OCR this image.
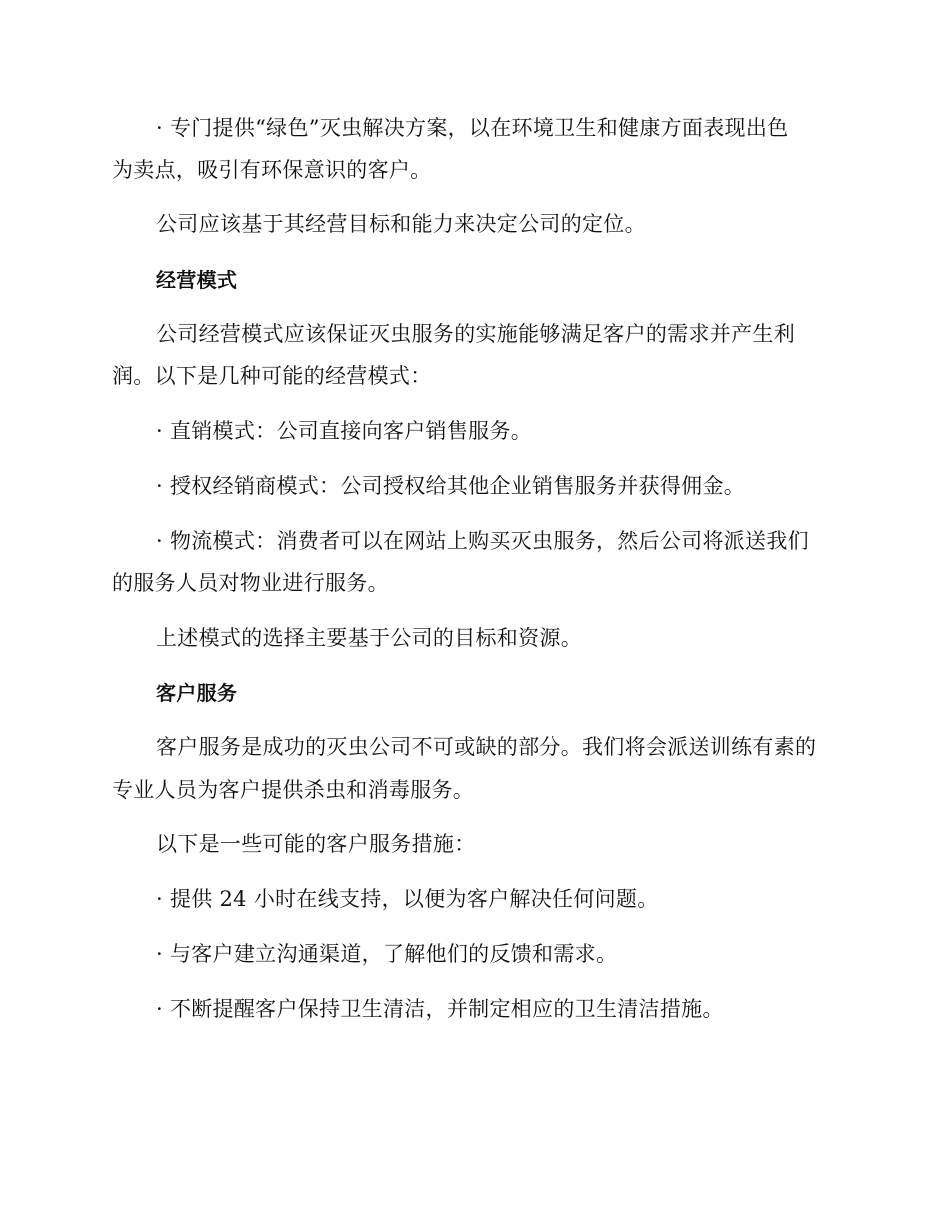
· 专门提供“绿色”灭虫解决方案，以在环境卫生和健康方面表现出色
为卖点，吸引有环保意识的客户。
公司应该基于其经营目标和能力来决定公司的定位。
经营模式
公司经营模式应该保证灭虫服务的实施能够满足客户的需求并产生利
润。以下是几种可能的经营模式：
· 直销模式：公司直接向客户销售服务。
· 授权经销商模式：公司授权给其他企业销售服务并获得佣金。
· 物流模式：消费者可以在网站上购买灭虫服务，然后公司将派送我们
的服务人员对物业进行服务。
上述模式的选择主要基于公司的目标和资源。
客户服务
客户服务是成功的灭虫公司不可或缺的部分。我们将会派送训练有素的
专业人员为客户提供杀虫和消毒服务。
以下是一些可能的客户服务措施：
· 提供 24 小时在线支持，以便为客户解决任何问题。
· 与客户建立沟通渠道，了解他们的反馈和需求。
· 不断提醒客户保持卫生清洁，并制定相应的卫生清洁措施。
